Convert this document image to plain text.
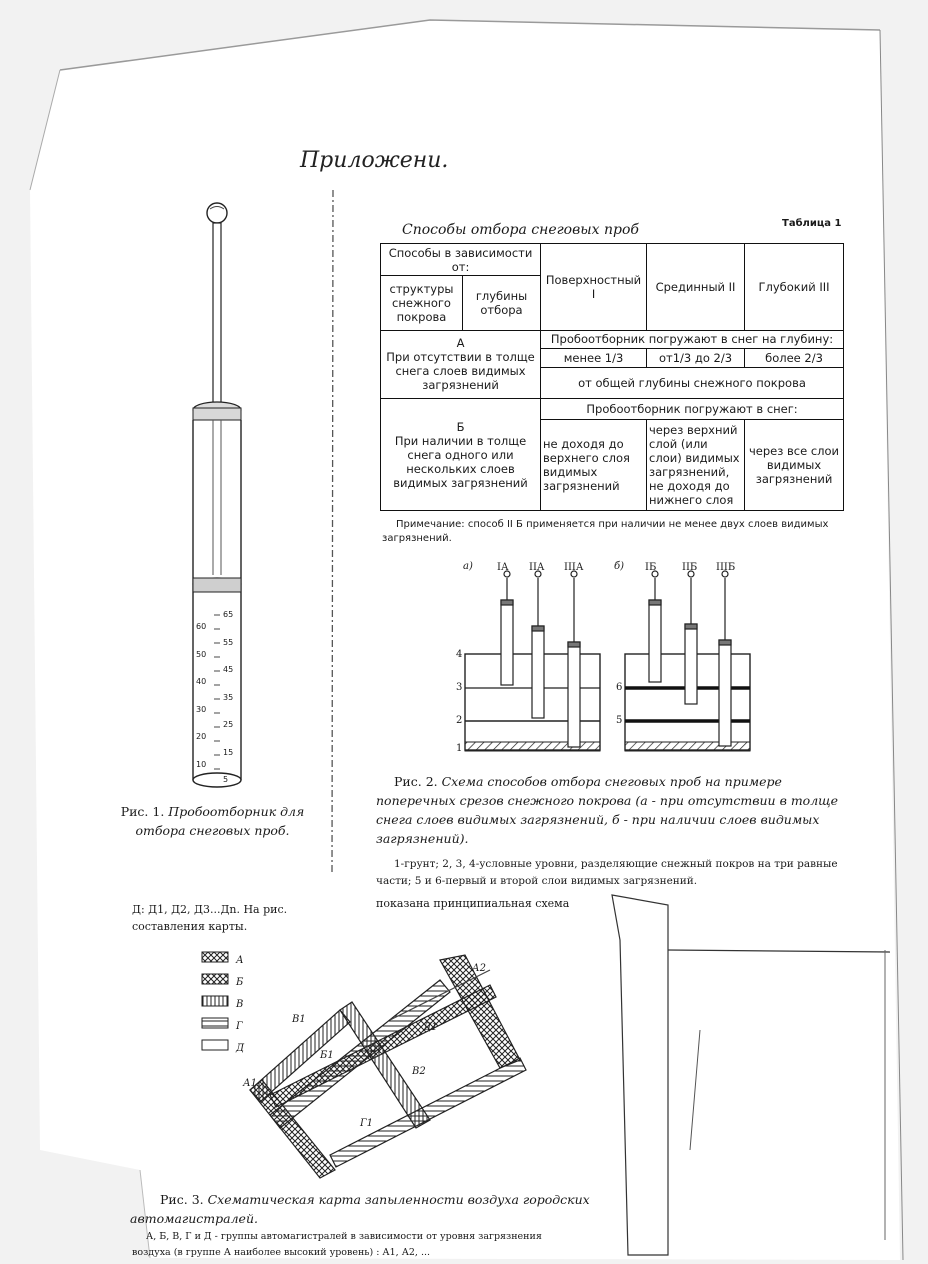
Приложени.
60
50
40
30
20
10
65
55
45
35
25
15
5
Рис. 1. Пробоотборник для отбора снеговых проб.
Способы отбора снеговых проб	Таблица 1
Способы в зависимости от:		Поверхностный I	Срединный II	Глубокий III
структуры снежного покрова	глубины отбора			

А
При отсутствии в толще снега слоев видимых загрязнений		Пробоотборник погружают в снег на глубину:		
		менее 1/3	от1/3 до 2/3	более 2/3
		от общей глубины снежного покрова		

Б
При наличии в толще снега одного или нескольких слоев видимых загрязнений		Пробоотборник погружают в снег:		
		не доходя до верхнего слоя видимых загрязнений	через верхний слой (или слои) видимых загрязнений, не доходя до нижнего слоя	через все слои видимых загрязнений
Примечание: способ II Б применяется при наличии не менее двух слоев видимых загрязнений.
а)	б)
IА IIА IIIА	IБ	IIБ IIIБ
4
3
2
1
6
5
Рис. 2. Схема способов отбора снеговых проб на примере поперечных срезов снежного покрова (а - при отсутствии в толще снега слоев видимых загрязнений, б - при наличии слоев видимых загрязнений).
1-грунт; 2, 3, 4-условные уровни, разделяющие снежный покров на три равные части; 5 и 6-первый и второй слои видимых загрязнений.
Д: Д1, Д2, Д3...Дn. На рис.
составления карты.
показана принципиальная схема
А
Б
В
Г
Д
А2
Д1
В1
Б1
А1
В2
Г1
Рис. 3. Схематическая карта запыленности воздуха городских автомагистралей.
А, Б, В, Г и Д - группы автомагистралей в зависимости от уровня загрязнения
воздуха (в группе А наиболее высокий уровень) : А1, А2, ...
